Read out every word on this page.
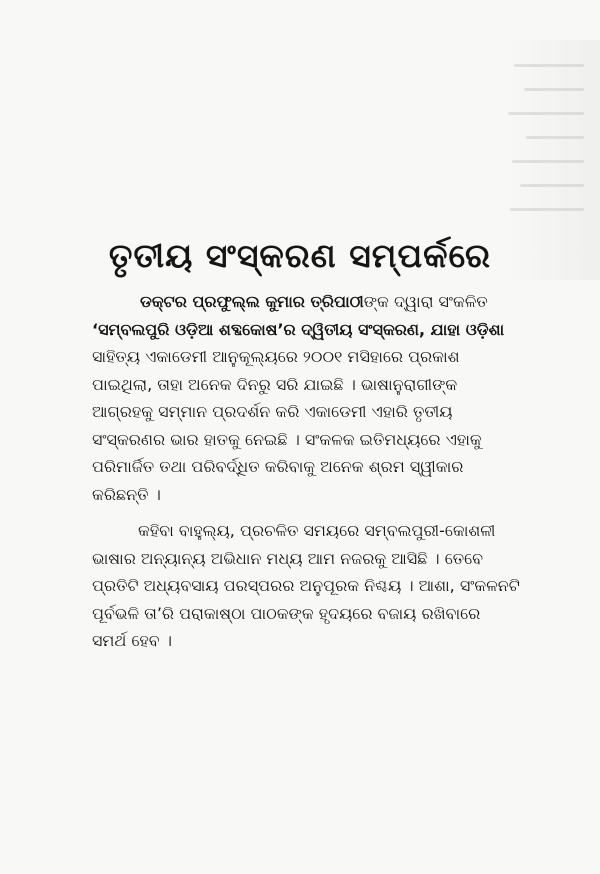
ତୃତୀୟ ସଂସ୍କରଣ ସମ୍ପର୍କରେ

ଡକ୍ଟର ପ୍ରଫୁଲ୍ଲ କୁମାର ତ୍ରିପାଠୀଙ୍କ ଦ୍ୱାରା ସଂକଳିତ
‘ସମ୍ବଲପୁରି ଓଡ଼ିଆ ଶବ୍ଦକୋଷ’ର ଦ୍ୱିତୀୟ ସଂସ୍କରଣ, ଯାହା ଓଡ଼ିଶା
ସାହିତ୍ୟ ଏକାଡେମୀ ଆନୁକୂଲ୍ୟରେ ୨୦୦୧ ମସିହାରେ ପ୍ରକାଶ
ପାଇଥିଲା, ତାହା ଅନେକ ଦିନରୁ ସରି ଯାଇଛି । ଭାଷାନୁରାଗୀଙ୍କ
ଆଗ୍ରହକୁ ସମ୍ମାନ ପ୍ରଦର୍ଶନ କରି ଏକାଡେମୀ ଏହାରି ତୃତୀୟ
ସଂସ୍କରଣର ଭାର ହାତକୁ ନେଇଛି । ସଂକଳକ ଇତିମଧ୍ୟରେ ଏହାକୁ
ପରିମାର୍ଜିତ ତଥା ପରିବର୍ଦ୍ଧିତ କରିବାକୁ ଅନେକ ଶ୍ରମ ସ୍ୱୀକାର
କରିଛନ୍ତି ।

କହିବା ବାହୁଲ୍ୟ, ପ୍ରଚଳିତ ସମୟରେ ସମ୍ବଲପୁରୀ-କୋଶଳୀ
ଭାଷାର ଅନ୍ୟାନ୍ୟ ଅଭିଧାନ ମଧ୍ୟ ଆମ ନଜରକୁ ଆସିଛି । ତେବେ
ପ୍ରତିଟି ଅଧ୍ୟବସାୟ ପରସ୍ପରର ଅନୁପୂରକ ନିଶ୍ଚୟ । ଆଶା, ସଂକଳନଟି
ପୂର୍ବଭଳି ତା’ରି ପରାକାଷ୍ଠା ପାଠକଙ୍କ ହୃଦୟରେ ବଜାୟ ରଖିବାରେ
ସମର୍ଥ ହେବ ।
